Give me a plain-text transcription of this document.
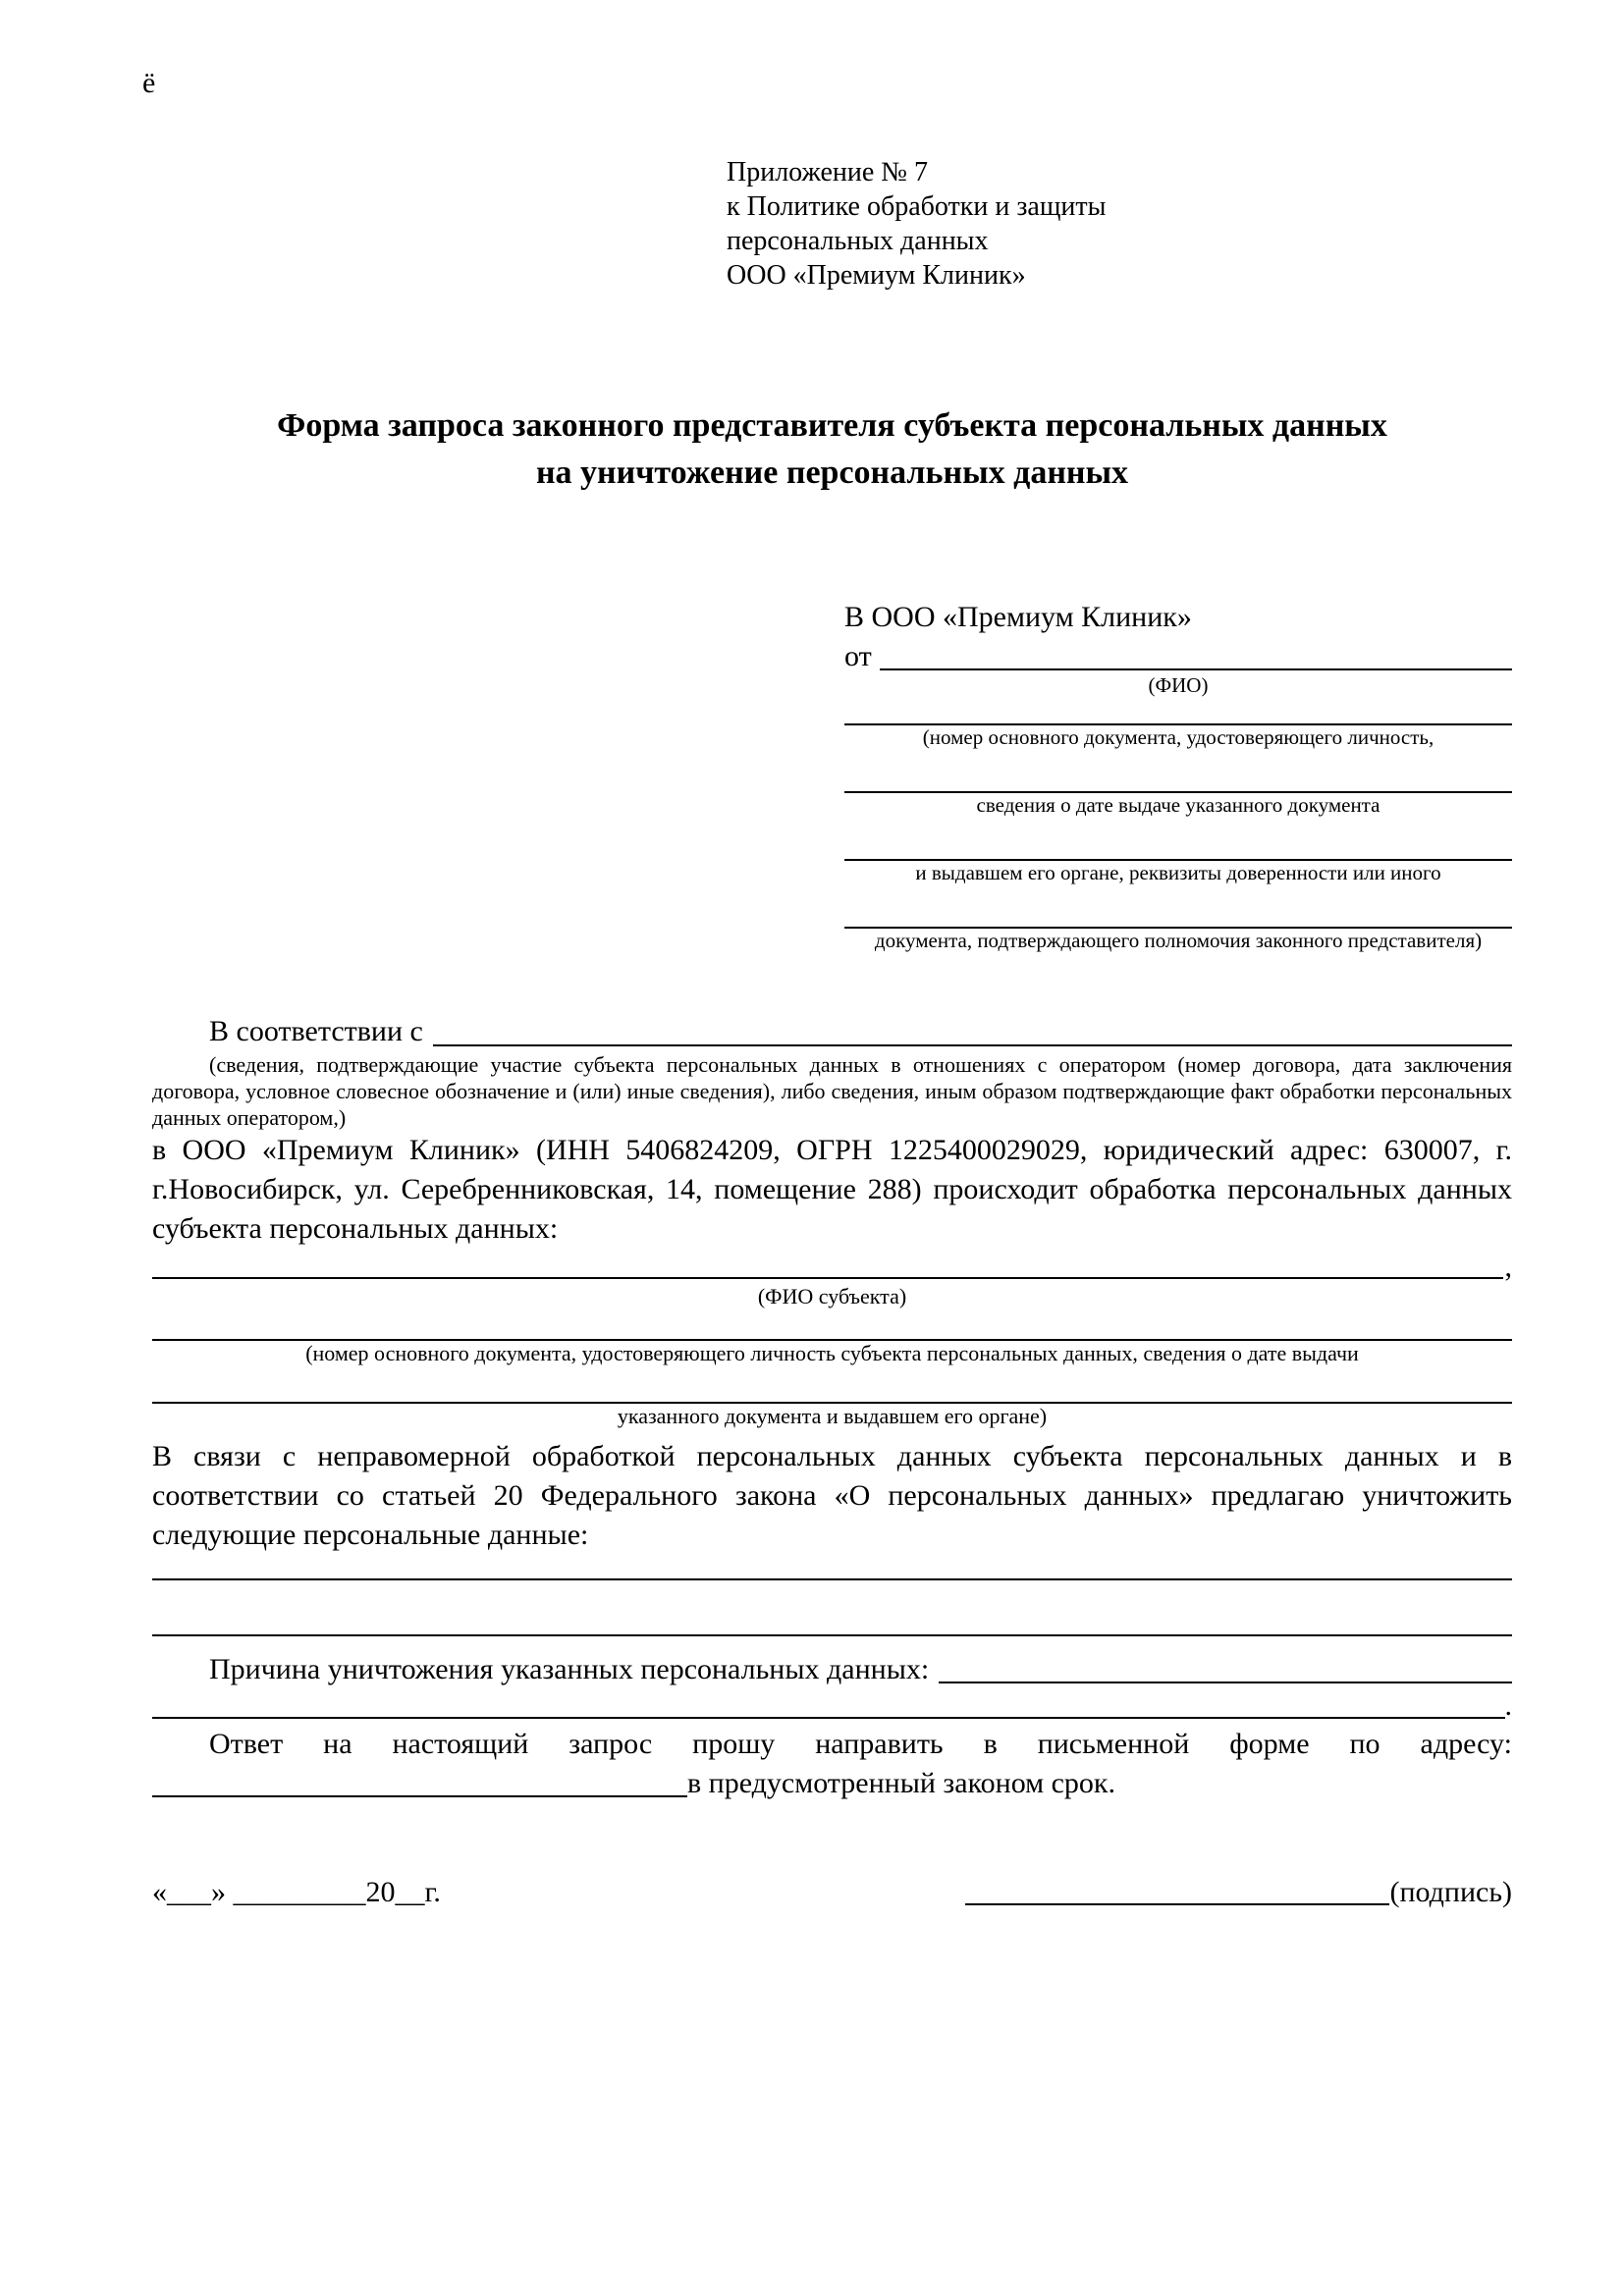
ё
Приложение № 7
к Политике обработки и защиты
персональных данных
ООО «Премиум Клиник»
Форма запроса законного представителя субъекта персональных данных
на уничтожение персональных данных
В ООО «Премиум Клиник»
от
(ФИО)
(номер основного документа, удостоверяющего личность,
сведения о дате выдаче указанного документа
и выдавшем его органе, реквизиты доверенности или иного
документа, подтверждающего полномочия законного представителя)
В соответствии с
(сведения, подтверждающие участие субъекта персональных данных в отношениях с оператором (номер договора, дата заключения договора, условное словесное обозначение и (или) иные сведения), либо сведения, иным образом подтверждающие факт обработки персональных данных оператором,)
в ООО «Премиум Клиник» (ИНН 5406824209, ОГРН 1225400029029, юридический адрес: 630007, г. г.Новосибирск, ул. Серебренниковская, 14, помещение 288) происходит обработка персональных данных субъекта персональных данных:
,
(ФИО субъекта)
(номер основного документа, удостоверяющего личность субъекта персональных данных, сведения о дате выдачи
указанного документа и выдавшем его органе)
В связи с неправомерной обработкой персональных данных субъекта персональных данных и в соответствии со статьей 20 Федерального закона «О персональных данных» предлагаю уничтожить следующие персональные данные:
Причина уничтожения указанных персональных данных:
.
Ответ на настоящий запрос прошу направить в письменной форме по адресу:
в предусмотренный законом срок.
«___» _________20__г.	(подпись)
